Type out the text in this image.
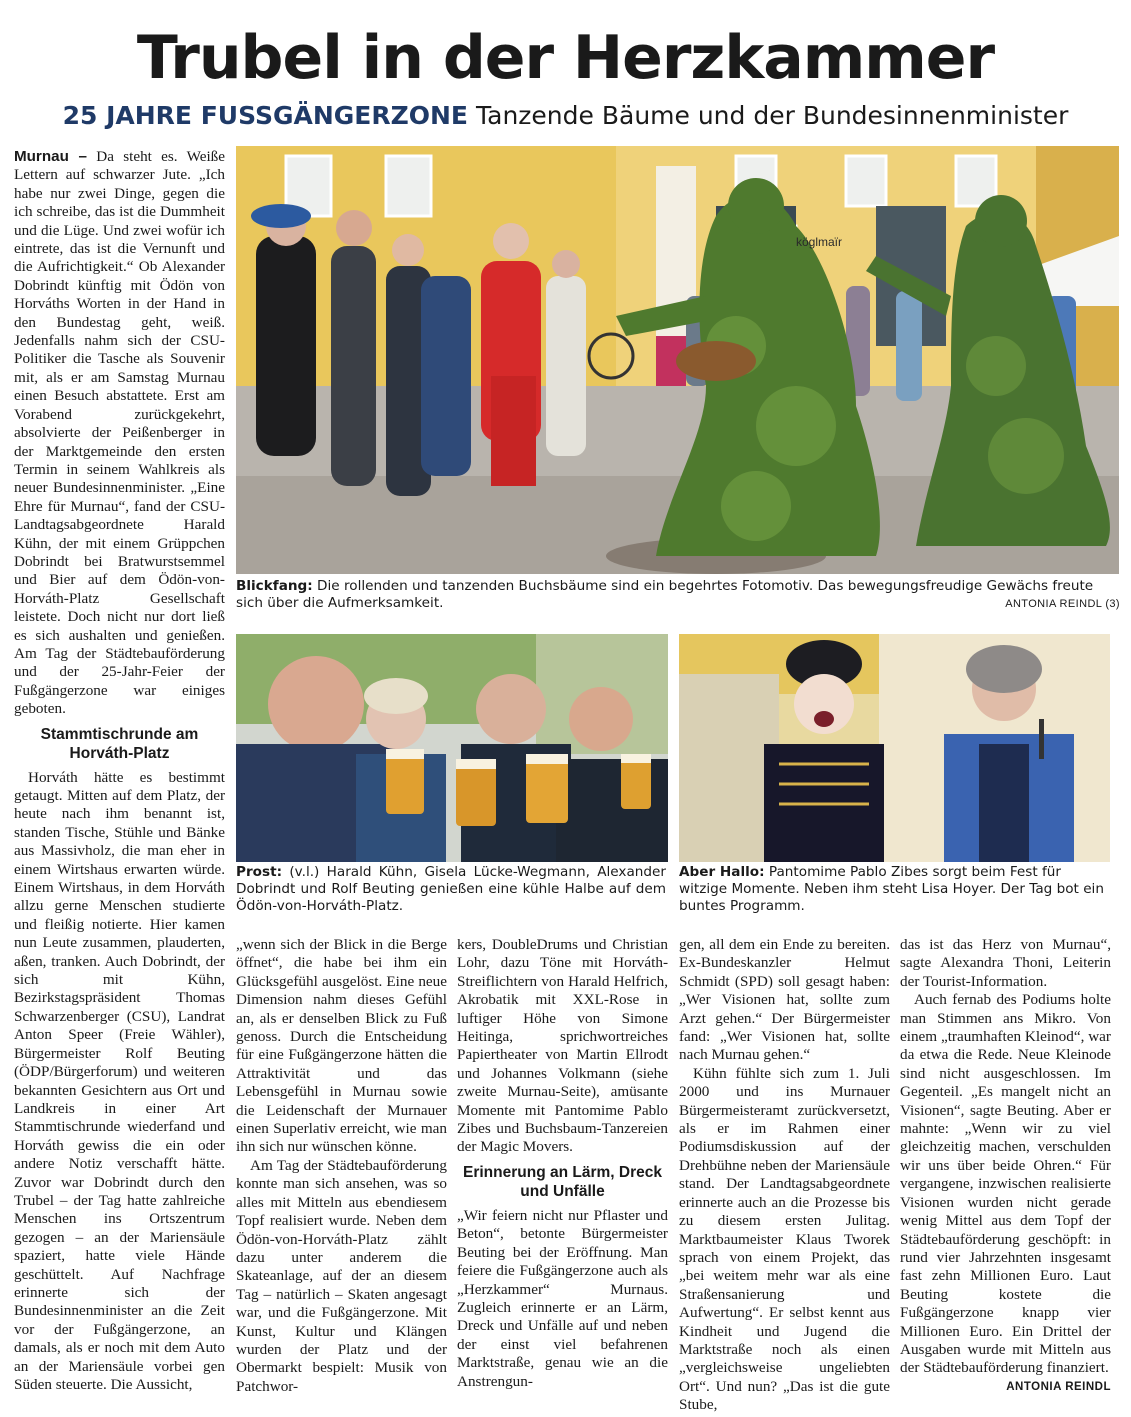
Trubel in der Herzkammer
25 JAHRE FUSSGÄNGERZONE Tanzende Bäume und der Bundesinnenminister

Murnau – Da steht es. Weiße Lettern auf schwarzer Jute. „Ich habe nur zwei Dinge, gegen die ich schreibe, das ist die Dummheit und die Lüge. Und zwei wofür ich eintrete, das ist die Vernunft und die Aufrichtigkeit.“ Ob Alexander Dobrindt künftig mit Ödön von Horváths Worten in der Hand in den Bundestag geht, weiß. Jedenfalls nahm sich der CSU-Politiker die Tasche als Souvenir mit, als er am Samstag Murnau einen Besuch abstattete. Erst am Vorabend zurückgekehrt, absolvierte der Peißenberger in der Marktgemeinde den ersten Termin in seinem Wahlkreis als neuer Bundesinnenminister. „Eine Ehre für Murnau“, fand der CSU-Landtagsabgeordnete Harald Kühn, der mit einem Grüppchen Dobrindt bei Bratwurstsemmel und Bier auf dem Ödön-von-Horváth-Platz Gesellschaft leistete. Doch nicht nur dort ließ es sich aushalten und genießen. Am Tag der Städtebauförderung und der 25-Jahr-Feier der Fußgängerzone war einiges geboten.

Stammtischrunde am Horváth-Platz

Horváth hätte es bestimmt getaugt. Mitten auf dem Platz, der heute nach ihm benannt ist, standen Tische, Stühle und Bänke aus Massivholz, die man eher in einem Wirtshaus erwarten würde. Einem Wirtshaus, in dem Horváth allzu gerne Menschen studierte und fleißig notierte. Hier kamen nun Leute zusammen, plauderten, aßen, tranken. Auch Dobrindt, der sich mit Kühn, Bezirkstagspräsident Thomas Schwarzenberger (CSU), Landrat Anton Speer (Freie Wähler), Bürgermeister Rolf Beuting (ÖDP/Bürgerforum) und weiteren bekannten Gesichtern aus Ort und Landkreis in einer Art Stammtischrunde wiederfand und Horváth gewiss die ein oder andere Notiz verschafft hätte. Zuvor war Dobrindt durch den Trubel – der Tag hatte zahlreiche Menschen ins Ortszentrum gezogen – an der Mariensäule spaziert, hatte viele Hände geschüttelt. Auf Nachfrage erinnerte sich der Bundesinnenminister an die Zeit vor der Fußgängerzone, an damals, als er noch mit dem Auto an der Mariensäule vorbei gen Süden steuerte. Die Aussicht,

köglmaïr
Blickfang: Die rollenden und tanzenden Buchsbäume sind ein begehrtes Fotomotiv. Das bewegungsfreudige Gewächs freute sich über die Aufmerksamkeit.	ANTONIA REINDL (3)
Prost: (v.l.) Harald Kühn, Gisela Lücke-Wegmann, Alexander Dobrindt und Rolf Beuting genießen eine kühle Halbe auf dem Ödön-von-Horváth-Platz.
Aber Hallo: Pantomime Pablo Zibes sorgt beim Fest für witzige Momente. Neben ihm steht Lisa Hoyer. Der Tag bot ein buntes Programm.

„wenn sich der Blick in die Berge öffnet“, die habe bei ihm ein Glücksgefühl ausgelöst. Eine neue Dimension nahm dieses Gefühl an, als er denselben Blick zu Fuß genoss. Durch die Entscheidung für eine Fußgängerzone hätten die Attraktivität und das Lebensgefühl in Murnau sowie die Leidenschaft der Murnauer einen Superlativ erreicht, wie man ihn sich nur wünschen könne.

Am Tag der Städtebauförderung konnte man sich ansehen, was so alles mit Mitteln aus ebendiesem Topf realisiert wurde. Neben dem Ödön-von-Horváth-Platz zählt dazu unter anderem die Skateanlage, auf der an diesem Tag – natürlich – Skaten angesagt war, und die Fußgängerzone. Mit Kunst, Kultur und Klängen wurden der Platz und der Obermarkt bespielt: Musik von Patchwor-

kers, DoubleDrums und Christian Lohr, dazu Töne mit Horváth-Streiflichtern von Harald Helfrich, Akrobatik mit XXL-Rose in luftiger Höhe von Simone Heitinga, sprichwortreiches Papiertheater von Martin Ellrodt und Johannes Volkmann (siehe zweite Murnau-Seite), amüsante Momente mit Pantomime Pablo Zibes und Buchsbaum-Tanzereien der Magic Movers.

Erinnerung an Lärm, Dreck und Unfälle

„Wir feiern nicht nur Pflaster und Beton“, betonte Bürgermeister Beuting bei der Eröffnung. Man feiere die Fußgängerzone auch als „Herzkammer“ Murnaus. Zugleich erinnerte er an Lärm, Dreck und Unfälle auf und neben der einst viel befahrenen Marktstraße, genau wie an die Anstrengun-

gen, all dem ein Ende zu bereiten. Ex-Bundeskanzler Helmut Schmidt (SPD) soll gesagt haben: „Wer Visionen hat, sollte zum Arzt gehen.“ Der Bürgermeister fand: „Wer Visionen hat, sollte nach Murnau gehen.“

Kühn fühlte sich zum 1. Juli 2000 und ins Murnauer Bürgermeisteramt zurückversetzt, als er im Rahmen einer Podiumsdiskussion auf der Drehbühne neben der Mariensäule stand. Der Landtagsabgeordnete erinnerte auch an die Prozesse bis zu diesem ersten Julitag. Marktbaumeister Klaus Tworek sprach von einem Projekt, das „bei weitem mehr war als eine Straßensanierung und Aufwertung“. Er selbst kennt aus Kindheit und Jugend die Marktstraße noch als einen „vergleichsweise ungeliebten Ort“. Und nun? „Das ist die gute Stube,

das ist das Herz von Murnau“, sagte Alexandra Thoni, Leiterin der Tourist-Information.

Auch fernab des Podiums holte man Stimmen ans Mikro. Von einem „traumhaften Kleinod“, war da etwa die Rede. Neue Kleinode sind nicht ausgeschlossen. Im Gegenteil. „Es mangelt nicht an Visionen“, sagte Beuting. Aber er mahnte: „Wenn wir zu viel gleichzeitig machen, verschulden wir uns über beide Ohren.“ Für vergangene, inzwischen realisierte Visionen wurden nicht gerade wenig Mittel aus dem Topf der Städtebauförderung geschöpft: in rund vier Jahrzehnten insgesamt fast zehn Millionen Euro. Laut Beuting kostete die Fußgängerzone knapp vier Millionen Euro. Ein Drittel der Ausgaben wurde mit Mitteln aus der Städtebauförderung finanziert.
ANTONIA REINDL
